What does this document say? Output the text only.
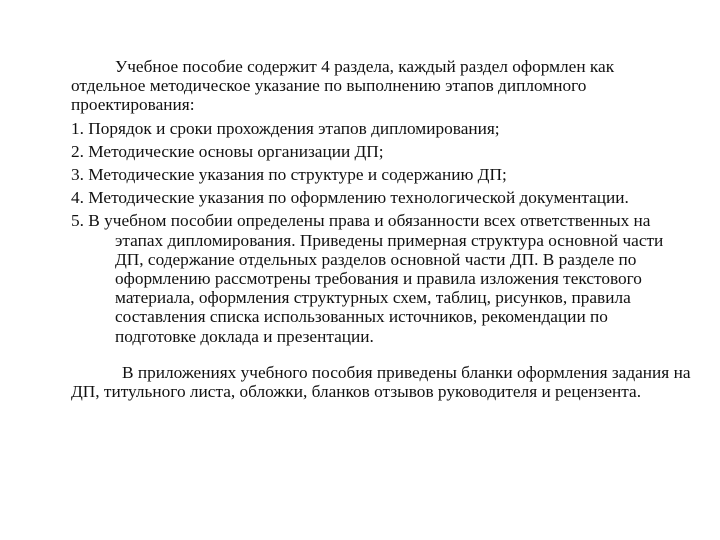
Учебное пособие содержит 4 раздела, каждый раздел оформлен как отдельное методическое указание по выполнению этапов дипломного проектирования:

1. Порядок и сроки прохождения этапов дипломирования;

2. Методические основы организации ДП;

3. Методические указания по структуре и содержанию ДП;

4. Методические указания по оформлению технологической документации.

5. В учебном пособии определены права и обязанности всех ответственных на этапах дипломирования. Приведены примерная структура основной части ДП, содержание отдельных разделов основной части ДП. В разделе по оформлению рассмотрены требования и правила изложения текстового материала, оформления структурных схем, таблиц, рисунков, правила составления списка использованных источников, рекомендации по подготовке доклада и презентации.

В приложениях учебного пособия приведены бланки оформления задания на ДП, титульного листа, обложки, бланков отзывов руководителя и рецензента.
